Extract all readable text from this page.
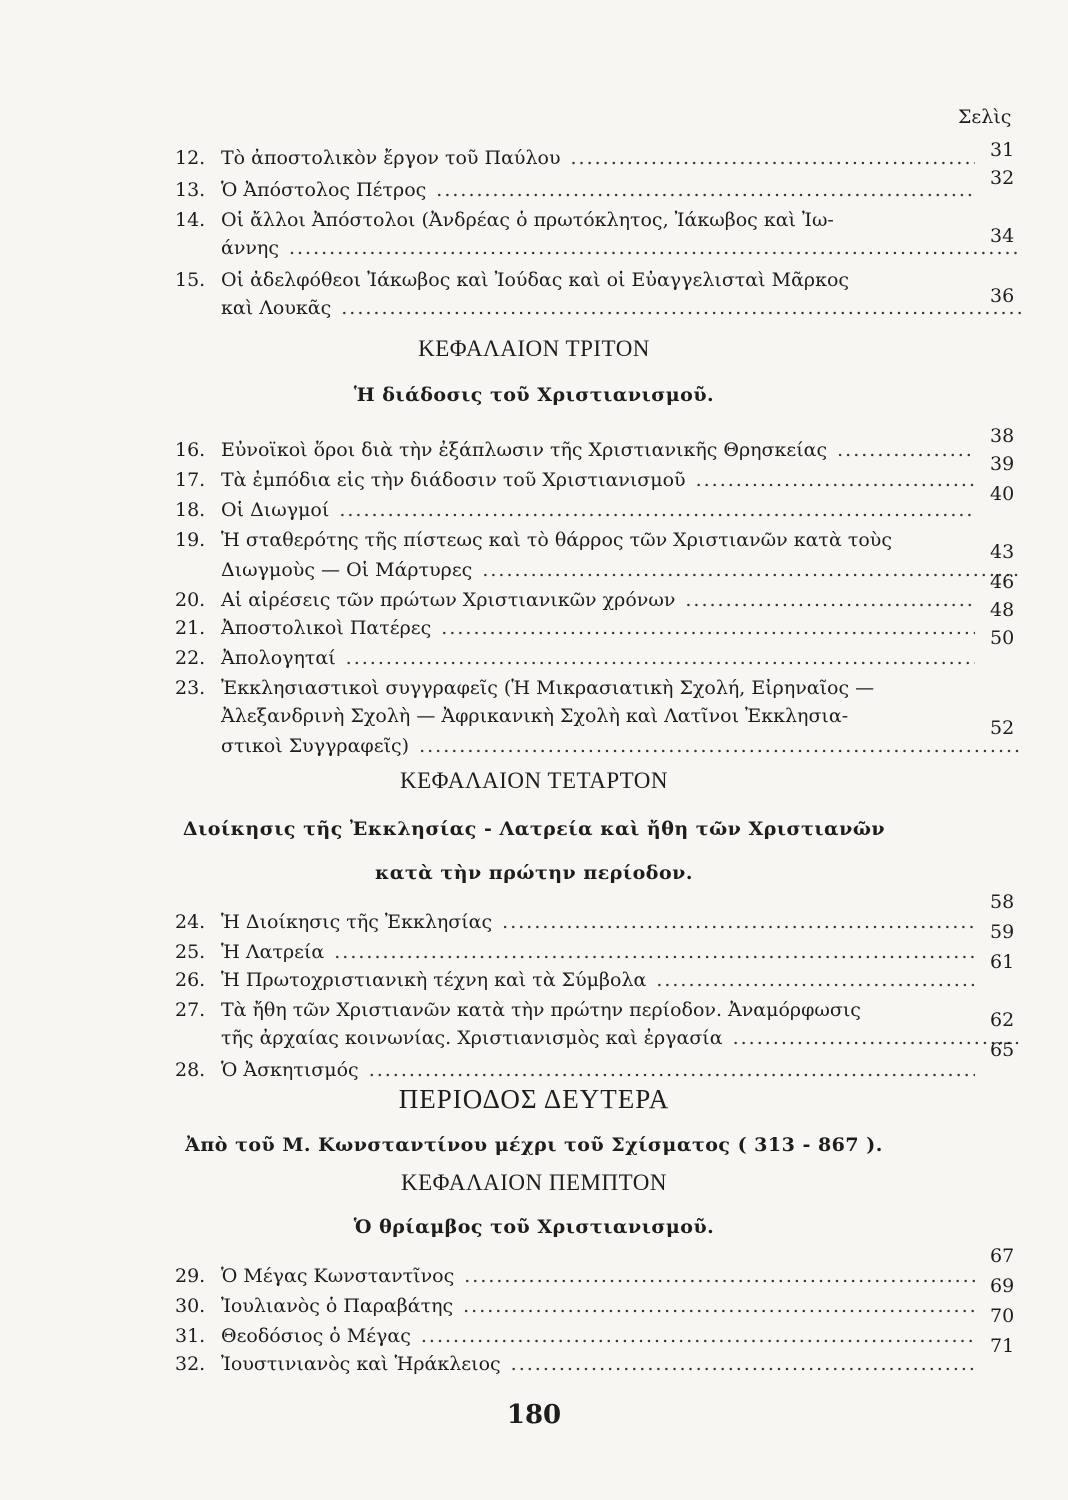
Σελὶς
12. Τὸ ἀποστολικὸν ἔργον τοῦ Παύλου
.....	31
13. Ὁ Ἀπόστολος Πέτρος
.....
32
14. Οἱ ἄλλοι Ἀπόστολοι (Ἀνδρέας ὁ πρωτόκλητος, Ἰάκωβος καὶ Ἰω-
άννης
.....
34
15. Οἱ ἀδελφόθεοι Ἰάκωβος καὶ Ἰούδας καὶ οἱ Εὐαγγελισταὶ Μᾶρκος
καὶ Λουκᾶς
.....
36
ΚΕΦΑΛΑΙΟΝ ΤΡΙΤΟΝ
Ἡ διάδοσις τοῦ Χριστιανισμοῦ.
16. Εὐνοϊκοὶ ὅροι διὰ τὴν ἐξάπλωσιν τῆς Χριστιανικῆς Θρησκείας
.....
38
17. Τὰ ἐμπόδια εἰς τὴν διάδοσιν τοῦ Χριστιανισμοῦ
.....
39
18. Οἱ Διωγμοί
.....
40
19. Ἡ σταθερότης τῆς πίστεως καὶ τὸ θάρρος τῶν Χριστιανῶν κατὰ τοὺς
Διωγμοὺς — Οἱ Μάρτυρες
.....
43
20. Αἱ αἱρέσεις τῶν πρώτων Χριστιανικῶν χρόνων
.....
46
21. Ἀποστολικοὶ Πατέρες
.....
48
22. Ἀπολογηταί
.....
50
23. Ἐκκλησιαστικοὶ συγγραφεῖς (Ἡ Μικρασιατικὴ Σχολή, Εἰρηναῖος —
Ἀλεξανδρινὴ Σχολὴ — Ἀφρικανικὴ Σχολὴ καὶ Λατῖνοι Ἐκκλησια-
στικοὶ Συγγραφεῖς)
.....
52
ΚΕΦΑΛΑΙΟΝ ΤΕΤΑΡΤΟΝ
Διοίκησις τῆς Ἐκκλησίας - Λατρεία καὶ ἤθη τῶν Χριστιανῶν
κατὰ τὴν πρώτην περίοδον.
24. Ἡ Διοίκησις τῆς Ἐκκλησίας
.....
58
25. Ἡ Λατρεία
.....
59
26. Ἡ Πρωτοχριστιανικὴ τέχνη καὶ τὰ Σύμβολα
.....
61
27. Τὰ ἤθη τῶν Χριστιανῶν κατὰ τὴν πρώτην περίοδον. Ἀναμόρφωσις
τῆς ἀρχαίας κοινωνίας. Χριστιανισμὸς καὶ ἐργασία
.....
62
28. Ὁ Ἀσκητισμός
.....
65
ΠΕΡΙΟΔΟΣ ΔΕΥΤΕΡΑ
Ἀπὸ τοῦ Μ. Κωνσταντίνου μέχρι τοῦ Σχίσματος ( 313 - 867 ).
ΚΕΦΑΛΑΙΟΝ ΠΕΜΠΤΟΝ
Ὁ θρίαμβος τοῦ Χριστιανισμοῦ.
29. Ὁ Μέγας Κωνσταντῖνος
.....
67
30. Ἰουλιανὸς ὁ Παραβάτης
.....
69
31. Θεοδόσιος ὁ Μέγας
.....
70
32. Ἰουστινιανὸς καὶ Ἡράκλειος
.....
71
180
